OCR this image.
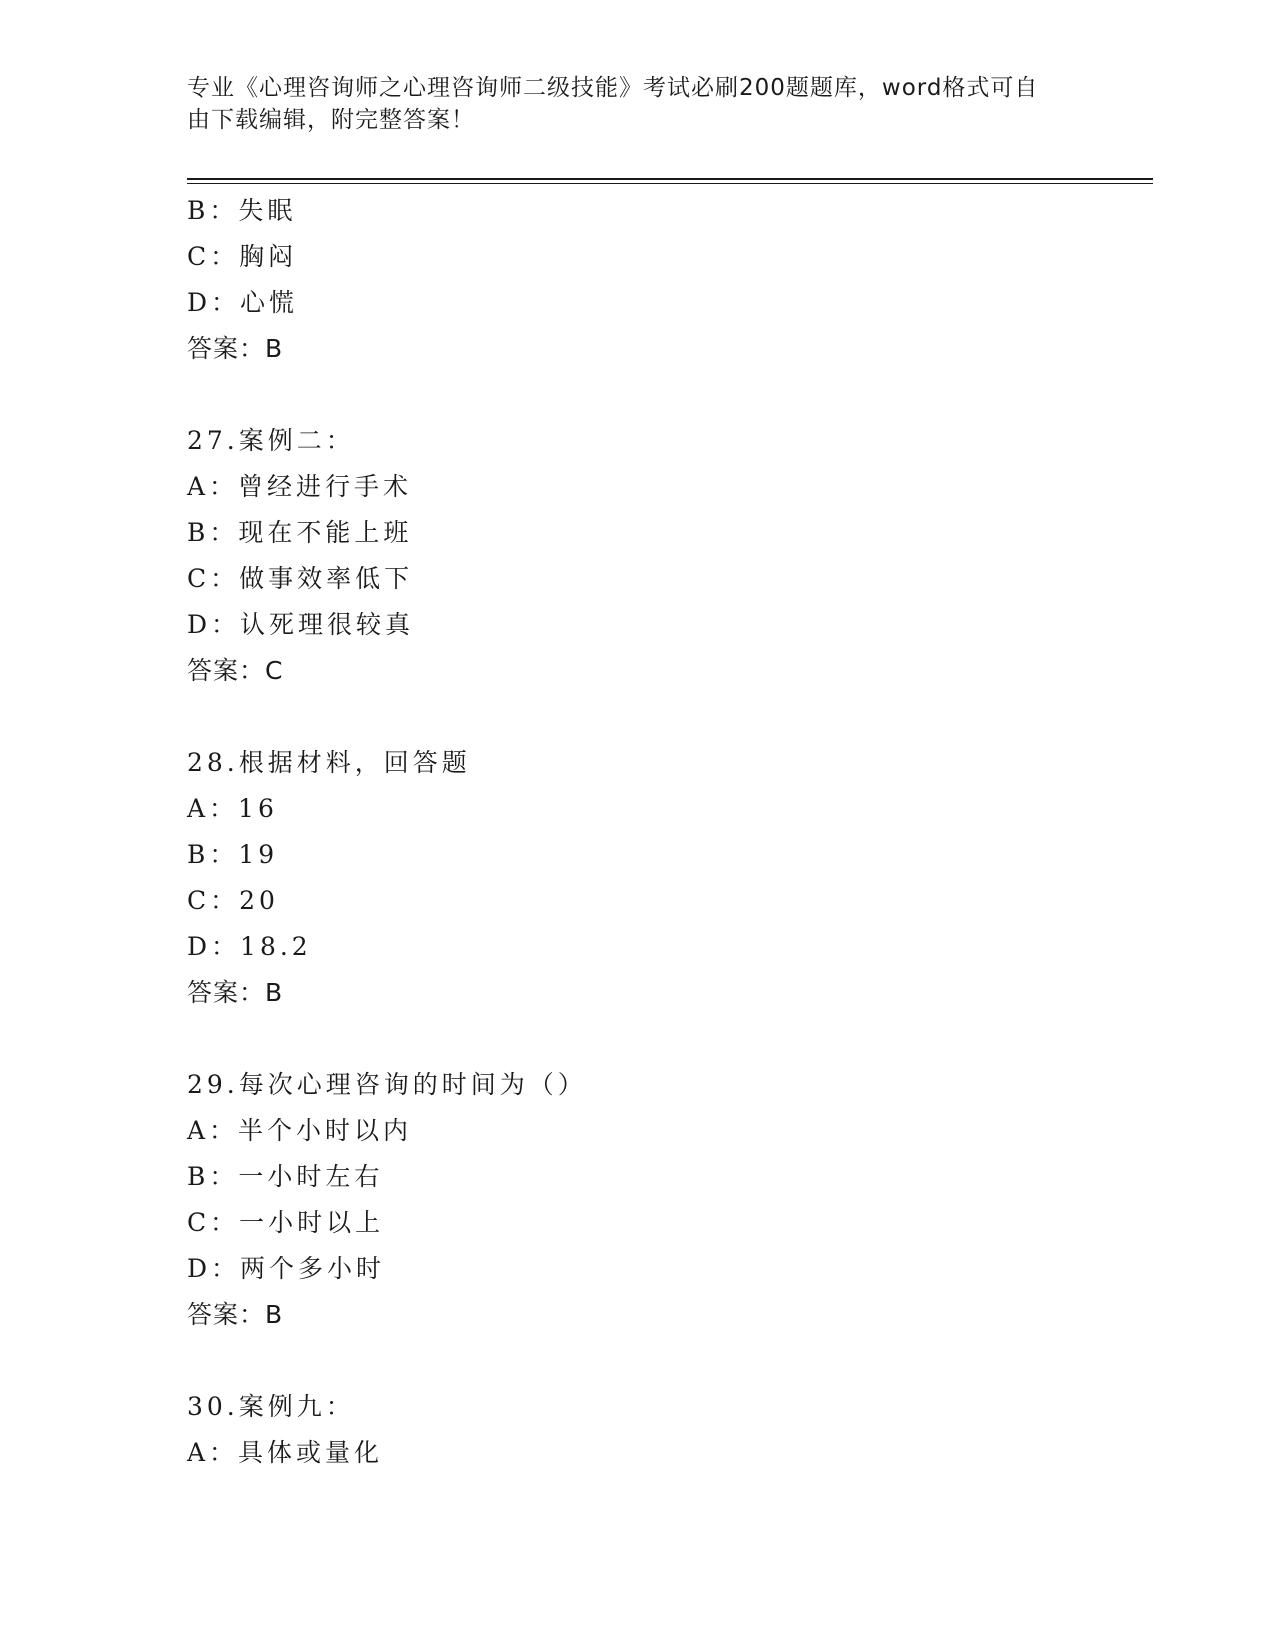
专业《心理咨询师之心理咨询师二级技能》考试必刷200题题库，word格式可自
由下载编辑，附完整答案！
B：失眠
C：胸闷
D：心慌
答案：B
27.案例二：
A：曾经进行手术
B：现在不能上班
C：做事效率低下
D：认死理很较真
答案：C
28.根据材料，回答题
A：16
B：19
C：20
D：18.2
答案：B
29.每次心理咨询的时间为（）
A：半个小时以内
B：一小时左右
C：一小时以上
D：两个多小时
答案：B
30.案例九：
A：具体或量化
